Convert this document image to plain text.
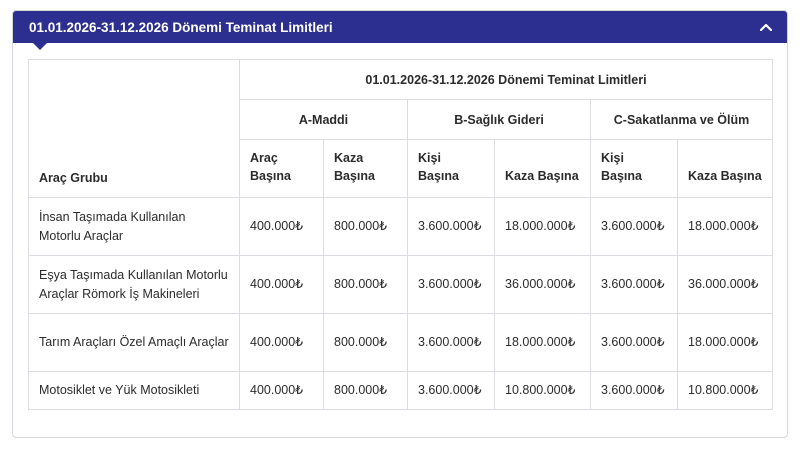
01.01.2026-31.12.2026 Dönemi Teminat Limitleri
Araç Grubu	01.01.2026-31.12.2026 Dönemi Teminat Limitleri					
	A-Maddi		B-Sağlık Gideri		C-Sakatlanma ve Ölüm	
	Araç Başına	Kaza Başına	Kişi Başına	Kaza Başına	Kişi Başına	Kaza Başına
İnsan Taşımada Kullanılan Motorlu Araçlar	400.000₺	800.000₺	3.600.000₺	18.000.000₺	3.600.000₺	18.000.000₺
Eşya Taşımada Kullanılan Motorlu Araçlar Römork İş Makineleri	400.000₺	800.000₺	3.600.000₺	36.000.000₺	3.600.000₺	36.000.000₺
Tarım Araçları Özel Amaçlı Araçlar	400.000₺	800.000₺	3.600.000₺	18.000.000₺	3.600.000₺	18.000.000₺
Motosiklet ve Yük Motosikleti	400.000₺	800.000₺	3.600.000₺	10.800.000₺	3.600.000₺	10.800.000₺
